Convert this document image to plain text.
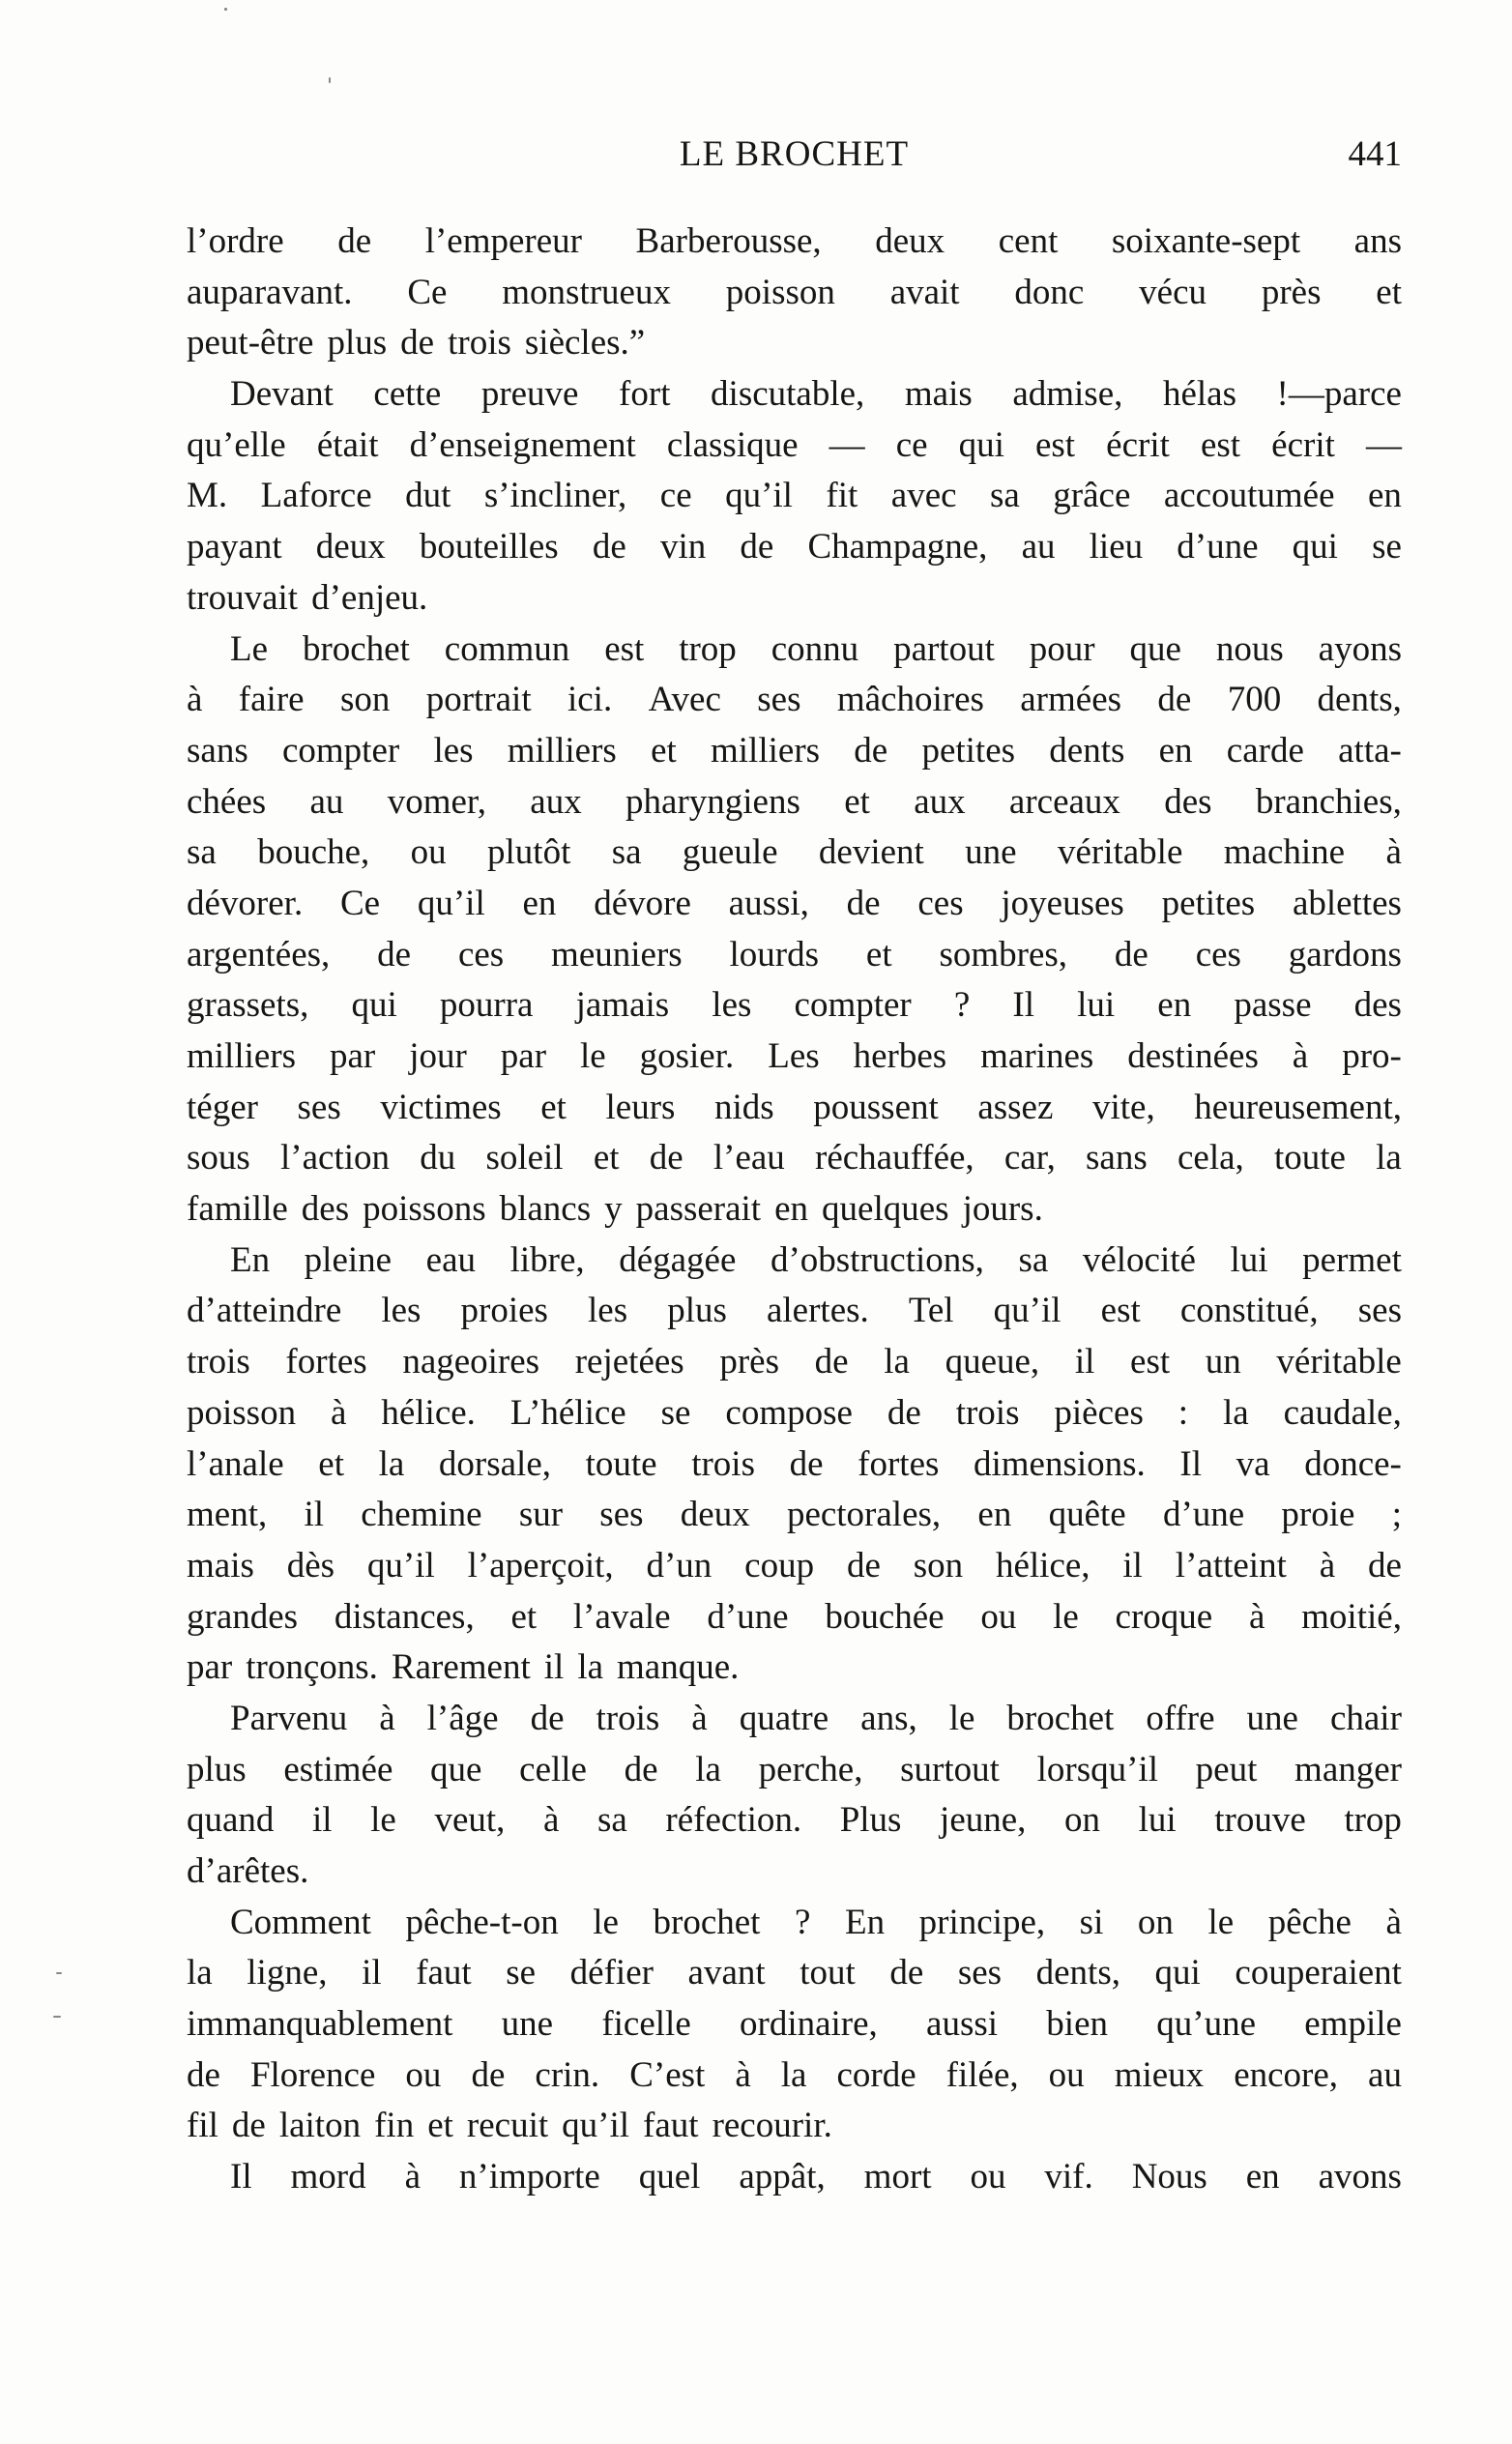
LE BROCHET	441
l’ordre de l’empereur Barberousse, deux cent soixante-sept ans
auparavant. Ce monstrueux poisson avait donc vécu près et
peut-être plus de trois siècles.”
Devant cette preuve fort discutable, mais admise, hélas !—parce
qu’elle était d’enseignement classique — ce qui est écrit est écrit —
M. Laforce dut s’incliner, ce qu’il fit avec sa grâce accoutumée en
payant deux bouteilles de vin de Champagne, au lieu d’une qui se
trouvait d’enjeu.
Le brochet commun est trop connu partout pour que nous ayons
à faire son portrait ici. Avec ses mâchoires armées de 700 dents,
sans compter les milliers et milliers de petites dents en carde atta-
chées au vomer, aux pharyngiens et aux arceaux des branchies,
sa bouche, ou plutôt sa gueule devient une véritable machine à
dévorer. Ce qu’il en dévore aussi, de ces joyeuses petites ablettes
argentées, de ces meuniers lourds et sombres, de ces gardons
grassets, qui pourra jamais les compter ? Il lui en passe des
milliers par jour par le gosier. Les herbes marines destinées à pro-
téger ses victimes et leurs nids poussent assez vite, heureusement,
sous l’action du soleil et de l’eau réchauffée, car, sans cela, toute la
famille des poissons blancs y passerait en quelques jours.
En pleine eau libre, dégagée d’obstructions, sa vélocité lui permet
d’atteindre les proies les plus alertes. Tel qu’il est constitué, ses
trois fortes nageoires rejetées près de la queue, il est un véritable
poisson à hélice. L’hélice se compose de trois pièces : la caudale,
l’anale et la dorsale, toute trois de fortes dimensions. Il va donce-
ment, il chemine sur ses deux pectorales, en quête d’une proie ;
mais dès qu’il l’aperçoit, d’un coup de son hélice, il l’atteint à de
grandes distances, et l’avale d’une bouchée ou le croque à moitié,
par tronçons. Rarement il la manque.
Parvenu à l’âge de trois à quatre ans, le brochet offre une chair
plus estimée que celle de la perche, surtout lorsqu’il peut manger
quand il le veut, à sa réfection. Plus jeune, on lui trouve trop
d’arêtes.
Comment pêche-t-on le brochet ? En principe, si on le pêche à
la ligne, il faut se défier avant tout de ses dents, qui couperaient
immanquablement une ficelle ordinaire, aussi bien qu’une empile
de Florence ou de crin. C’est à la corde filée, ou mieux encore, au
fil de laiton fin et recuit qu’il faut recourir.
Il mord à n’importe quel appât, mort ou vif. Nous en avons
